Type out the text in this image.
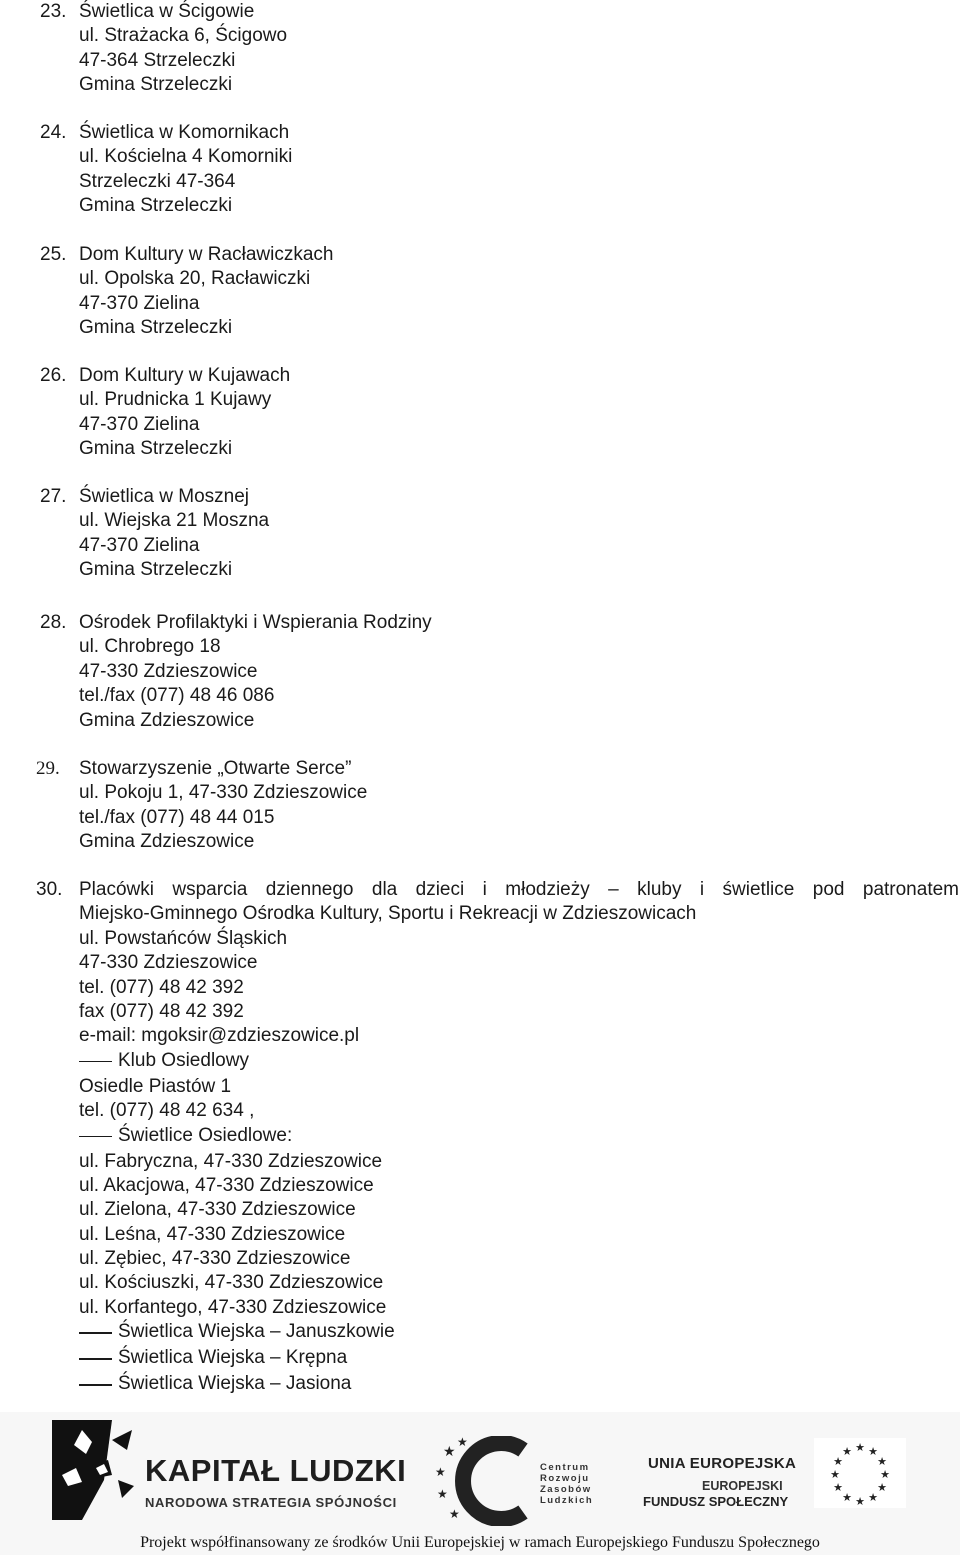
23. Świetlica w Ścigowie
ul. Strażacka 6, Ścigowo
47-364 Strzeleczki
Gmina Strzeleczki
24. Świetlica w Komornikach
ul. Kościelna 4 Komorniki
Strzeleczki 47-364
Gmina Strzeleczki
25. Dom Kultury w Racławiczkach
ul. Opolska 20, Racławiczki
47-370 Zielina
Gmina Strzeleczki
26. Dom Kultury w Kujawach
ul. Prudnicka 1 Kujawy
47-370 Zielina
Gmina Strzeleczki
27. Świetlica w Mosznej
ul. Wiejska 21 Moszna
47-370 Zielina
Gmina Strzeleczki
28. Ośrodek Profilaktyki i Wspierania Rodziny
ul. Chrobrego 18
47-330 Zdzieszowice
tel./fax (077) 48 46 086
Gmina Zdzieszowice
29. Stowarzyszenie „Otwarte Serce”
ul. Pokoju 1, 47-330 Zdzieszowice
tel./fax (077) 48 44 015
Gmina Zdzieszowice
30. Placówki wsparcia dziennego dla dzieci i młodzieży – kluby i świetlice pod patronatem
Miejsko-Gminnego Ośrodka Kultury, Sportu i Rekreacji w Zdzieszowicach
ul. Powstańców Śląskich
47-330 Zdzieszowice
tel. (077) 48 42 392
fax (077) 48 42 392
e-mail: mgoksir@zdzieszowice.pl
Klub Osiedlowy
Osiedle Piastów 1
tel. (077) 48 42 634 ,
Świetlice Osiedlowe:
ul. Fabryczna, 47-330 Zdzieszowice
ul. Akacjowa, 47-330 Zdzieszowice
ul. Zielona, 47-330 Zdzieszowice
ul. Leśna, 47-330 Zdzieszowice
ul. Zębiec, 47-330 Zdzieszowice
ul. Kościuszki, 47-330 Zdzieszowice
ul. Korfantego, 47-330 Zdzieszowice
Świetlica Wiejska – Januszkowie
Świetlica Wiejska – Krępna
Świetlica Wiejska – Jasiona
KAPITAŁ LUDZKI
NARODOWA STRATEGIA SPÓJNOŚCI
★
★
★
★
★
Centrum
Rozwoju
Zasobów
Ludzkich
UNIA EUROPEJSKA
EUROPEJSKI
FUNDUSZ SPOŁECZNY
★ ★
★
★
★
★
★
★
★
★
★
★
Projekt współfinansowany ze środków Unii Europejskiej w ramach Europejskiego Funduszu Społecznego
